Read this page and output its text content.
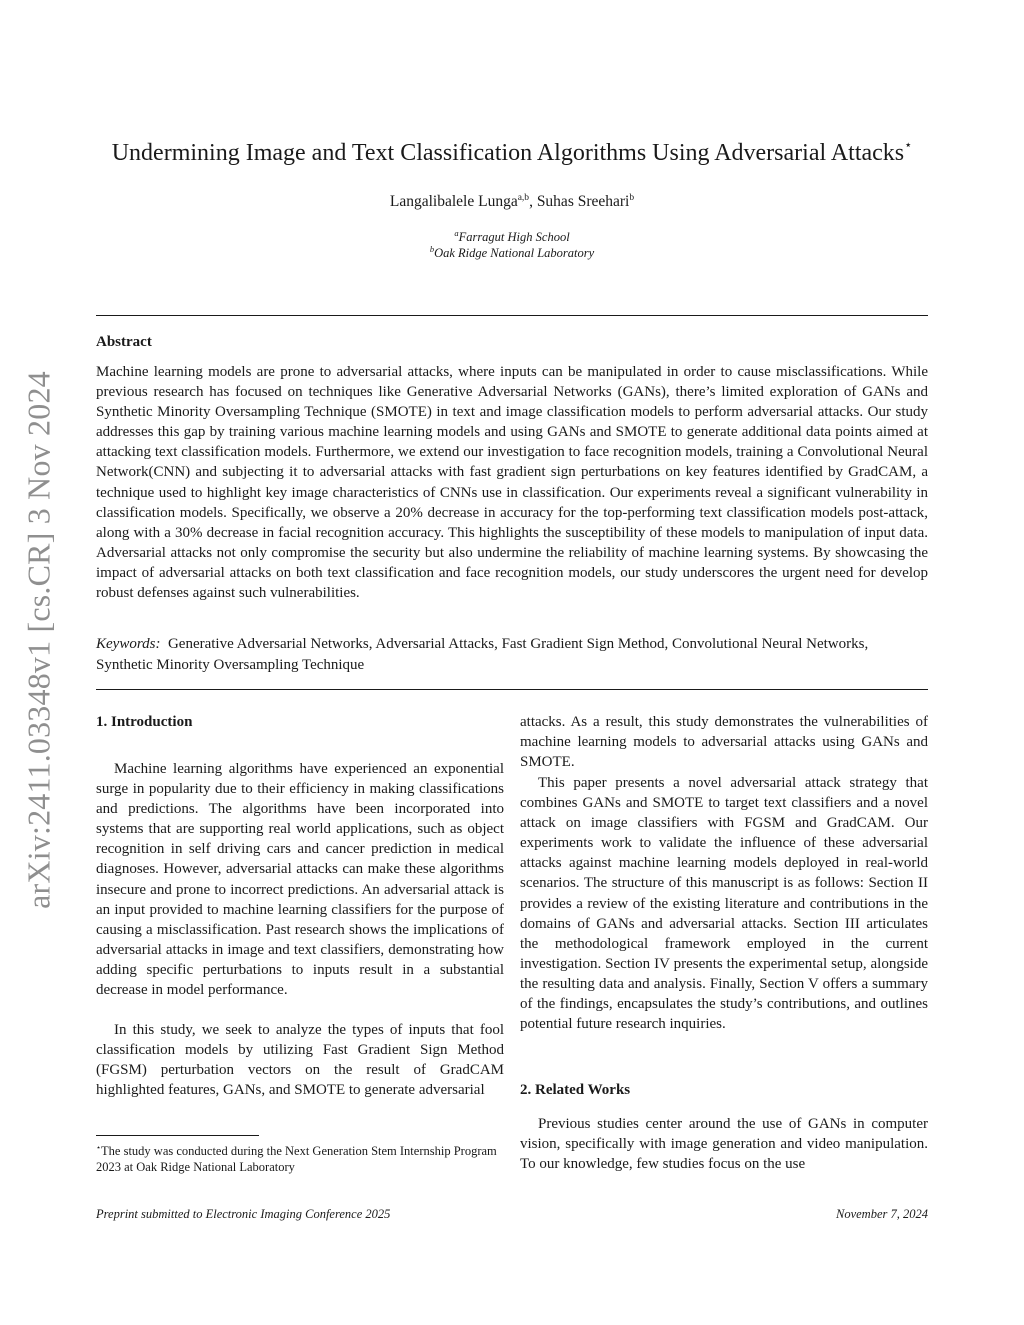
arXiv:2411.03348v1 [cs.CR] 3 Nov 2024
Undermining Image and Text Classification Algorithms Using Adversarial Attacks⋆
Langalibalele Lunga$^{a,b}$, Suhas Sreehari$^b$
$^a$Farragut High School
$^b$Oak Ridge National Laboratory
Abstract

Machine learning models are prone to adversarial attacks, where inputs can be manipulated in order to cause misclassifications. While previous research has focused on techniques like Generative Adversarial Networks (GANs), there’s limited exploration of GANs and Synthetic Minority Oversampling Technique (SMOTE) in text and image classification models to perform adversarial attacks. Our study addresses this gap by training various machine learning models and using GANs and SMOTE to generate additional data points aimed at attacking text classification models. Furthermore, we extend our investigation to face recognition models, training a Convolutional Neural Network(CNN) and subjecting it to adversarial attacks with fast gradient sign perturbations on key features identified by GradCAM, a technique used to highlight key image characteristics of CNNs use in classification. Our experiments reveal a significant vulnerability in classification models. Specifically, we observe a 20% decrease in accuracy for the top-performing text classification models post-attack, along with a 30% decrease in facial recognition accuracy. This highlights the susceptibility of these models to manipulation of input data. Adversarial attacks not only compromise the security but also undermine the reliability of machine learning systems. By showcasing the impact of adversarial attacks on both text classification and face recognition models, our study underscores the urgent need for develop robust defenses against such vulnerabilities.

Keywords: Generative Adversarial Networks, Adversarial Attacks, Fast Gradient Sign Method, Convolutional Neural Networks, Synthetic Minority Oversampling Technique
1. Introduction

Machine learning algorithms have experienced an exponential surge in popularity due to their efficiency in making classifications and predictions. The algorithms have been incorporated into systems that are supporting real world applications, such as object recognition in self driving cars and cancer prediction in medical diagnoses. However, adversarial attacks can make these algorithms insecure and prone to incorrect predictions. An adversarial attack is an input provided to machine learning classifiers for the purpose of causing a misclassification. Past research shows the implications of adversarial attacks in image and text classifiers, demonstrating how adding specific perturbations to inputs result in a substantial decrease in model performance.

In this study, we seek to analyze the types of inputs that fool classification models by utilizing Fast Gradient Sign Method (FGSM) perturbation vectors on the result of GradCAM highlighted features, GANs, and SMOTE to generate adversarial

attacks. As a result, this study demonstrates the vulnerabilities of machine learning models to adversarial attacks using GANs and SMOTE.

This paper presents a novel adversarial attack strategy that combines GANs and SMOTE to target text classifiers and a novel attack on image classifiers with FGSM and GradCAM. Our experiments work to validate the influence of these adversarial attacks against machine learning models deployed in real-world scenarios. The structure of this manuscript is as follows: Section II provides a review of the existing literature and contributions in the domains of GANs and adversarial attacks. Section III articulates the methodological framework employed in the current investigation. Section IV presents the experimental setup, alongside the resulting data and analysis. Finally, Section V offers a summary of the findings, encapsulates the study’s contributions, and outlines potential future research inquiries.

2. Related Works

Previous studies center around the use of GANs in computer vision, specifically with image generation and video manipulation. To our knowledge, few studies focus on the use

⋆The study was conducted during the Next Generation Stem Internship Program 2023 at Oak Ridge National Laboratory
Preprint submitted to Electronic Imaging Conference 2025	November 7, 2024
